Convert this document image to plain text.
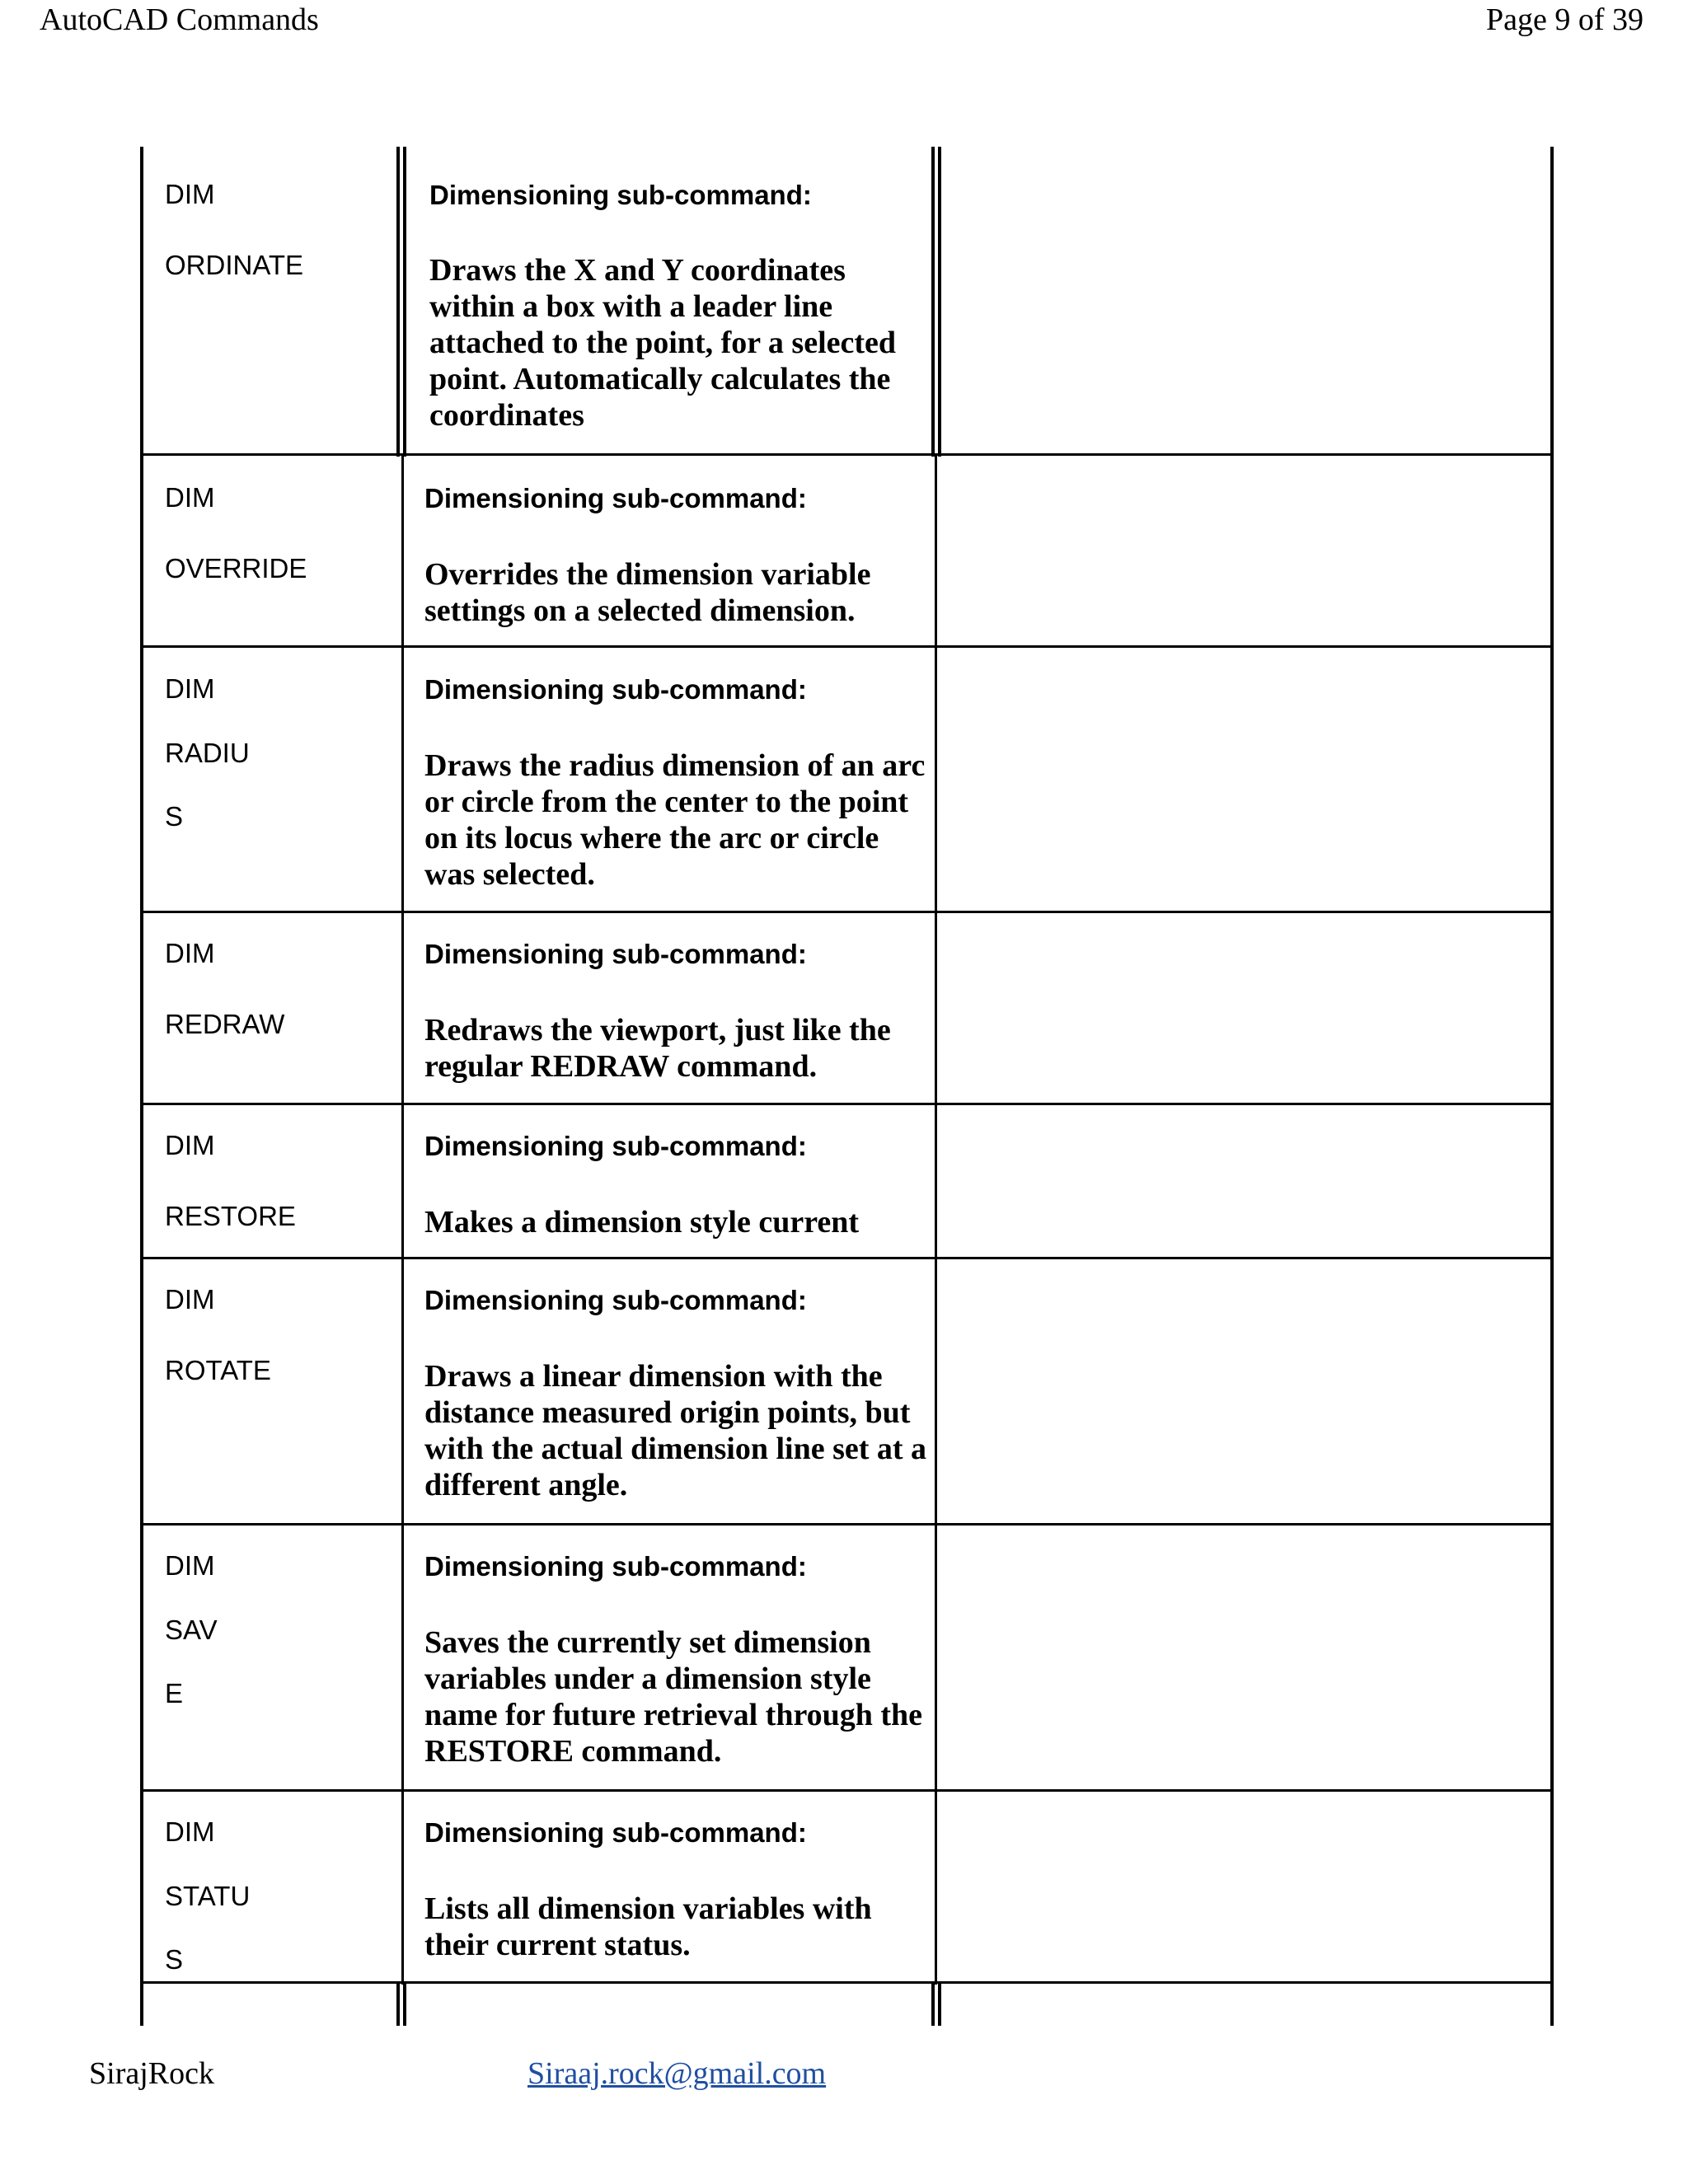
AutoCAD Commands	Page 9 of 39
DIM
ORDINATE
Dimensioning sub-command:
Draws the X and Y coordinates within a box with a leader line attached to the point, for a selected point. Automatically calculates the coordinates
DIM
OVERRIDE
Dimensioning sub-command:
Overrides the dimension variable settings on a selected dimension.
DIM
RADIU
S
Dimensioning sub-command:
Draws the radius dimension of an arc or circle from the center to the point on its locus where the arc or circle was selected.
DIM
REDRAW
Dimensioning sub-command:
Redraws the viewport, just like the regular REDRAW command.
DIM
RESTORE
Dimensioning sub-command:
Makes a dimension style current
DIM
ROTATE
Dimensioning sub-command:
Draws a linear dimension with the distance measured origin points, but with the actual dimension line set at a different angle.
DIM
SAV
E
Dimensioning sub-command:
Saves the currently set dimension variables under a dimension style name for future retrieval through the RESTORE command.
DIM
STATU
S
Dimensioning sub-command:
Lists all dimension variables with their current status.
SirajRock	Siraaj.rock@gmail.com
